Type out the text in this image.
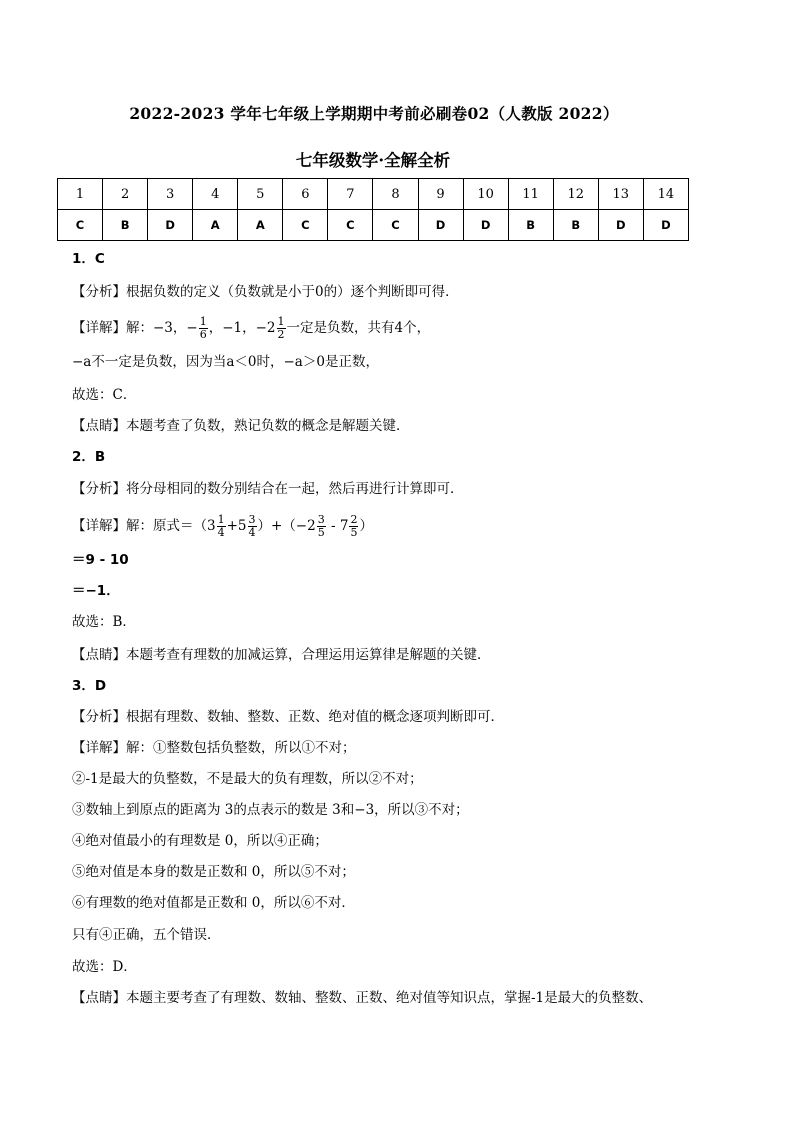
2022-2023 学年七年级上学期期中考前必刷卷02（人教版 2022）
七年级数学·全解全析
1	2	3	4	5	6	7	8	9	10	11	12	13	14
C	B	D	A	A	C	C	C	D	D	B	B	D	D
1．C
【分析】根据负数的定义（负数就是小于0的）逐个判断即可得．
【详解】解：−3，− $\frac{1}{6}$ ，−1，$-2 \frac{1}{2}$ 一定是负数，共有4个，
−a不一定是负数，因为当a＜0时，−a＞0是正数，
故选：C．
【点睛】本题考查了负数，熟记负数的概念是解题关键．
2．B
【分析】将分母相同的数分别结合在一起，然后再进行计算即可．
【详解】解：原式$=(3 \frac{1}{4} +5 \frac{3}{4} )+(-2 \frac{3}{5} - 7 \frac{2}{5}$ ）
＝9 - 10
＝−1．
故选：B．
【点睛】本题考查有理数的加减运算，合理运用运算律是解题的关键．
3．D
【分析】根据有理数、数轴、整数、正数、绝对值的概念逐项判断即可．
【详解】解：①整数包括负整数，所以①不对；
②-1是最大的负整数，不是最大的负有理数，所以②不对；
③数轴上到原点的距离为 3的点表示的数是 3和−3，所以③不对；
④绝对值最小的有理数是 0，所以④正确；
⑤绝对值是本身的数是正数和 0，所以⑤不对；
⑥有理数的绝对值都是正数和 0，所以⑥不对．
只有④正确，五个错误．
故选：D．
【点睛】本题主要考查了有理数、数轴、整数、正数、绝对值等知识点，掌握-1是最大的负整数、
